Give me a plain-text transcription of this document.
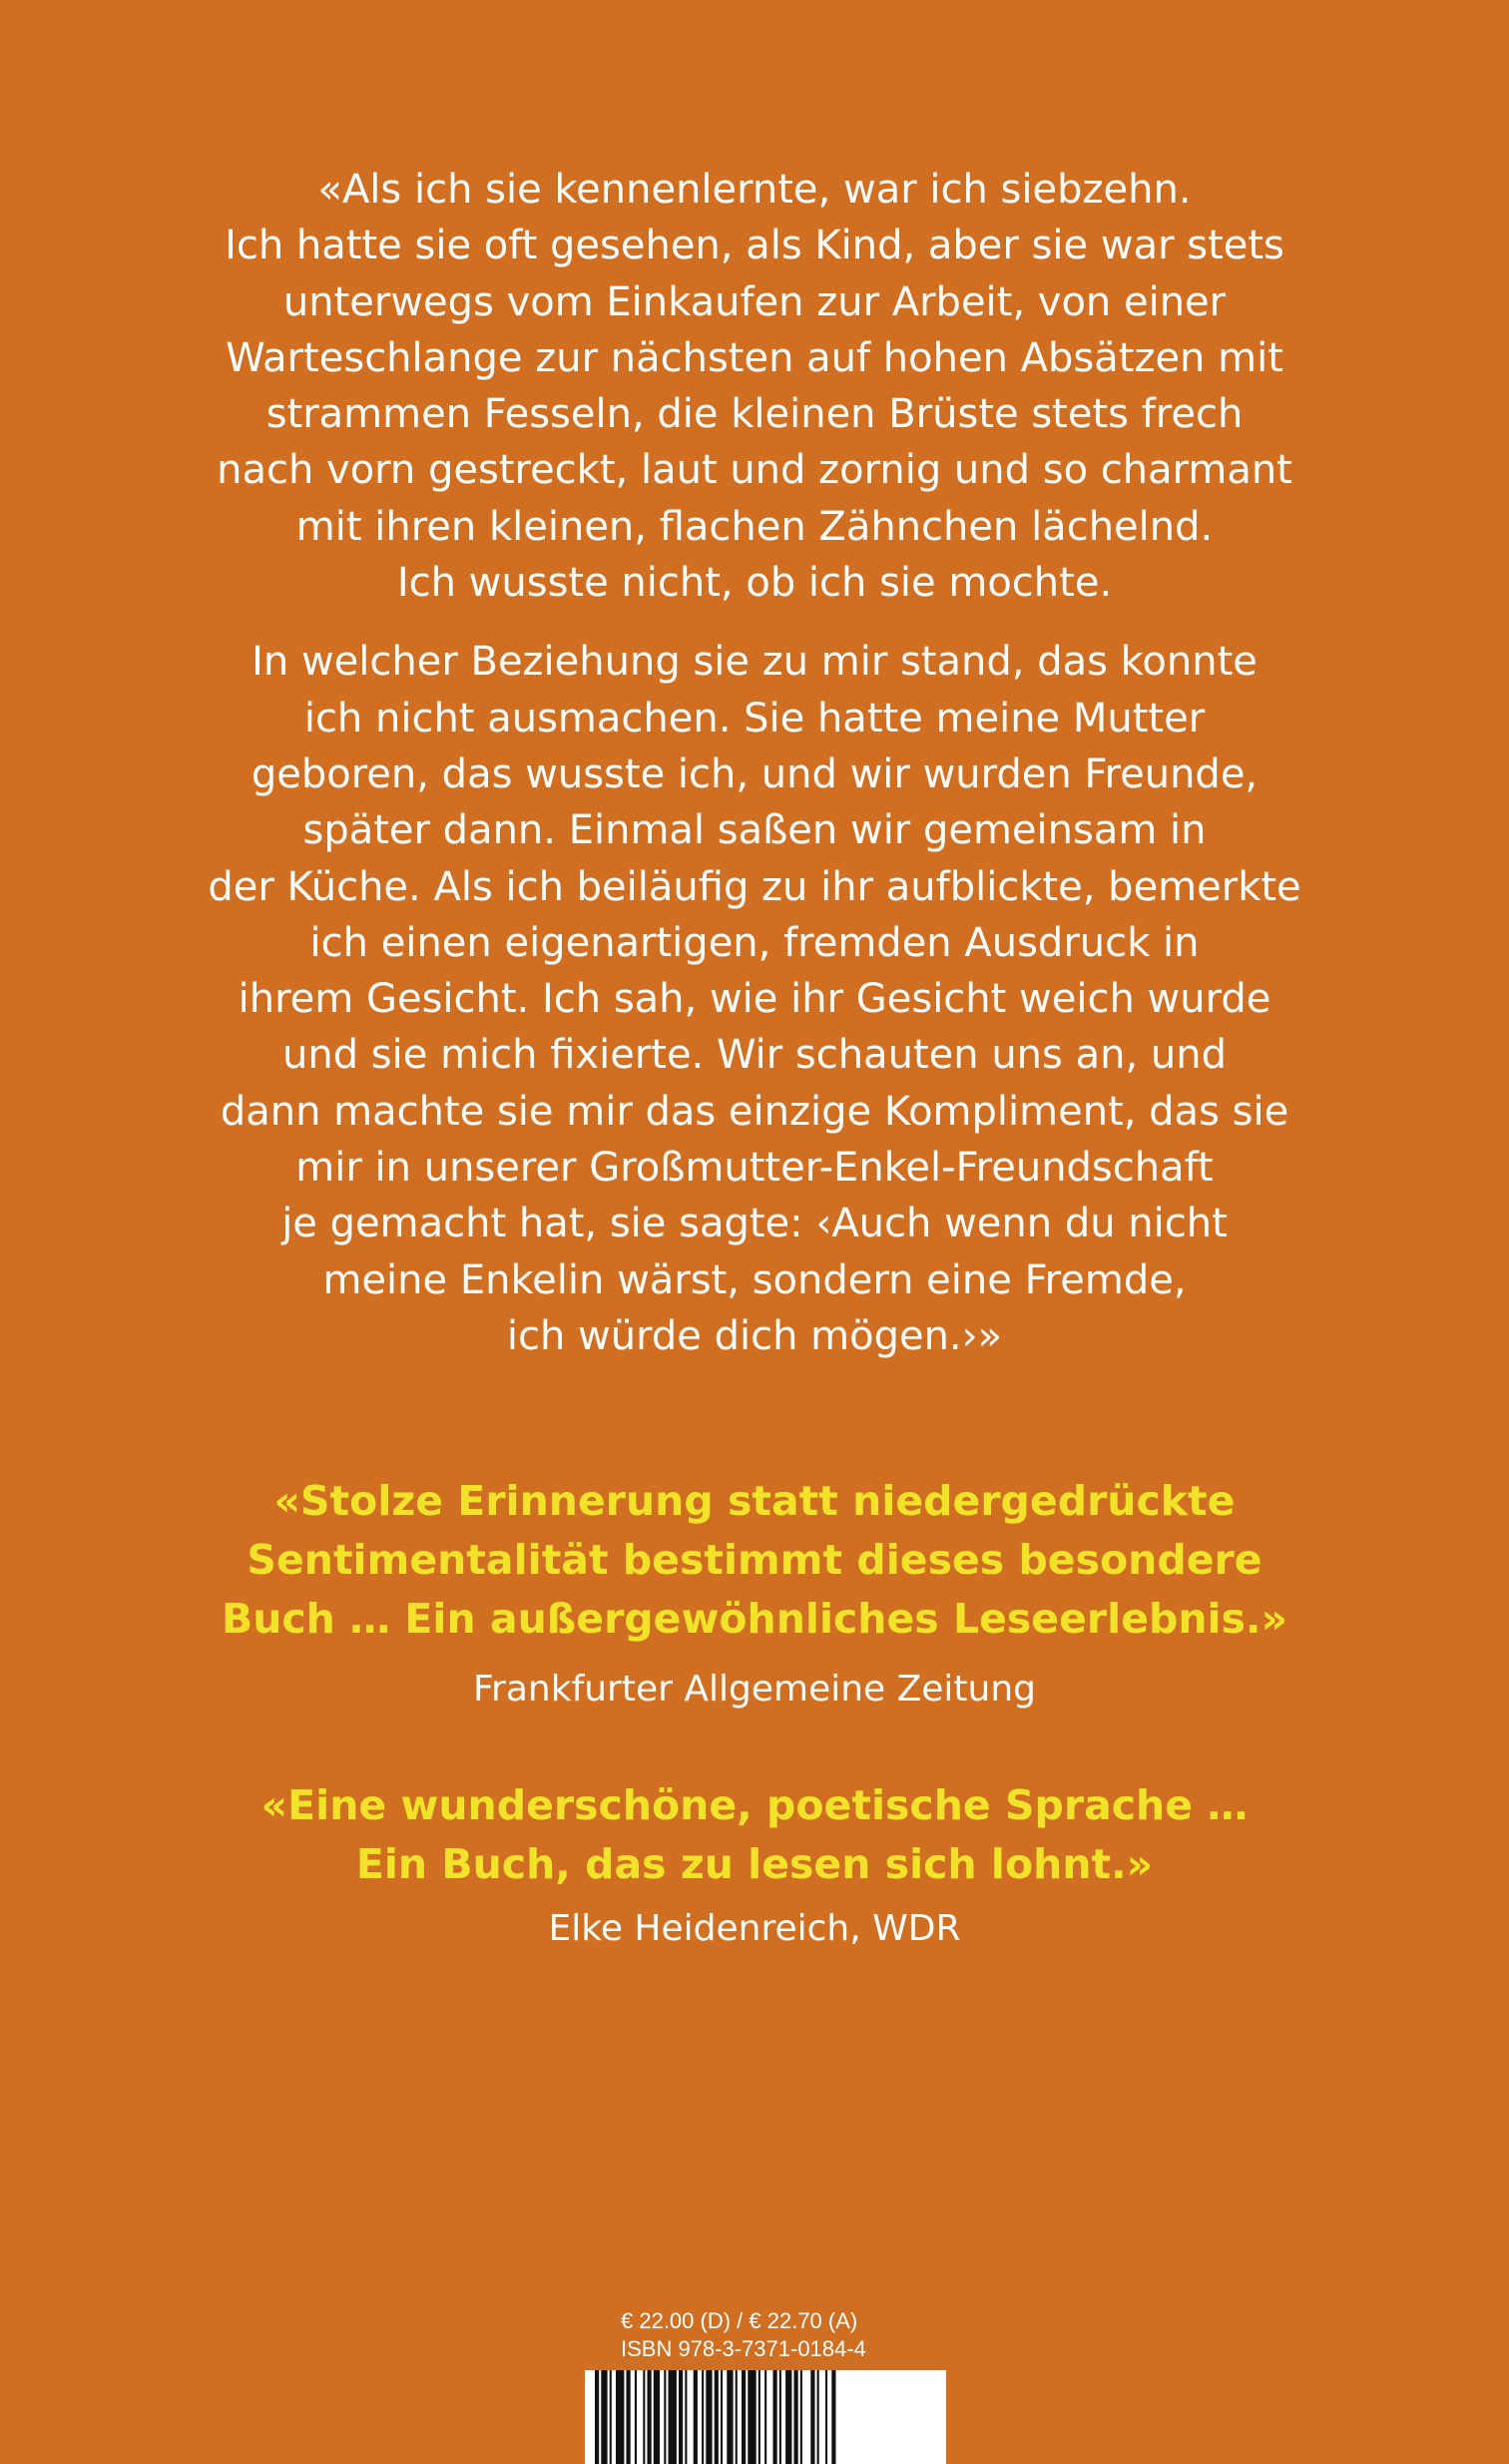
«Als ich sie kennenlernte, war ich siebzehn.
Ich hatte sie oft gesehen, als Kind, aber sie war stets
unterwegs vom Einkaufen zur Arbeit, von einer
Warteschlange zur nächsten auf hohen Absätzen mit
strammen Fesseln, die kleinen Brüste stets frech
nach vorn gestreckt, laut und zornig und so charmant
mit ihren kleinen, flachen Zähnchen lächelnd.
Ich wusste nicht, ob ich sie mochte.

In welcher Beziehung sie zu mir stand, das konnte
ich nicht ausmachen. Sie hatte meine Mutter
geboren, das wusste ich, und wir wurden Freunde,
später dann. Einmal saßen wir gemeinsam in
der Küche. Als ich beiläufig zu ihr aufblickte, bemerkte
ich einen eigenartigen, fremden Ausdruck in
ihrem Gesicht. Ich sah, wie ihr Gesicht weich wurde
und sie mich fixierte. Wir schauten uns an, und
dann machte sie mir das einzige Kompliment, das sie
mir in unserer Großmutter-Enkel-Freundschaft
je gemacht hat, sie sagte: ‹Auch wenn du nicht
meine Enkelin wärst, sondern eine Fremde,
ich würde dich mögen.›»

«Stolze Erinnerung statt niedergedrückte
Sentimentalität bestimmt dieses besondere
Buch … Ein außergewöhnliches Leseerlebnis.»
Frankfurter Allgemeine Zeitung
«Eine wunderschöne, poetische Sprache …
Ein Buch, das zu lesen sich lohnt.»
Elke Heidenreich, WDR
€ 22.00 (D) / € 22.70 (A)
ISBN 978-3-7371-0184-4
